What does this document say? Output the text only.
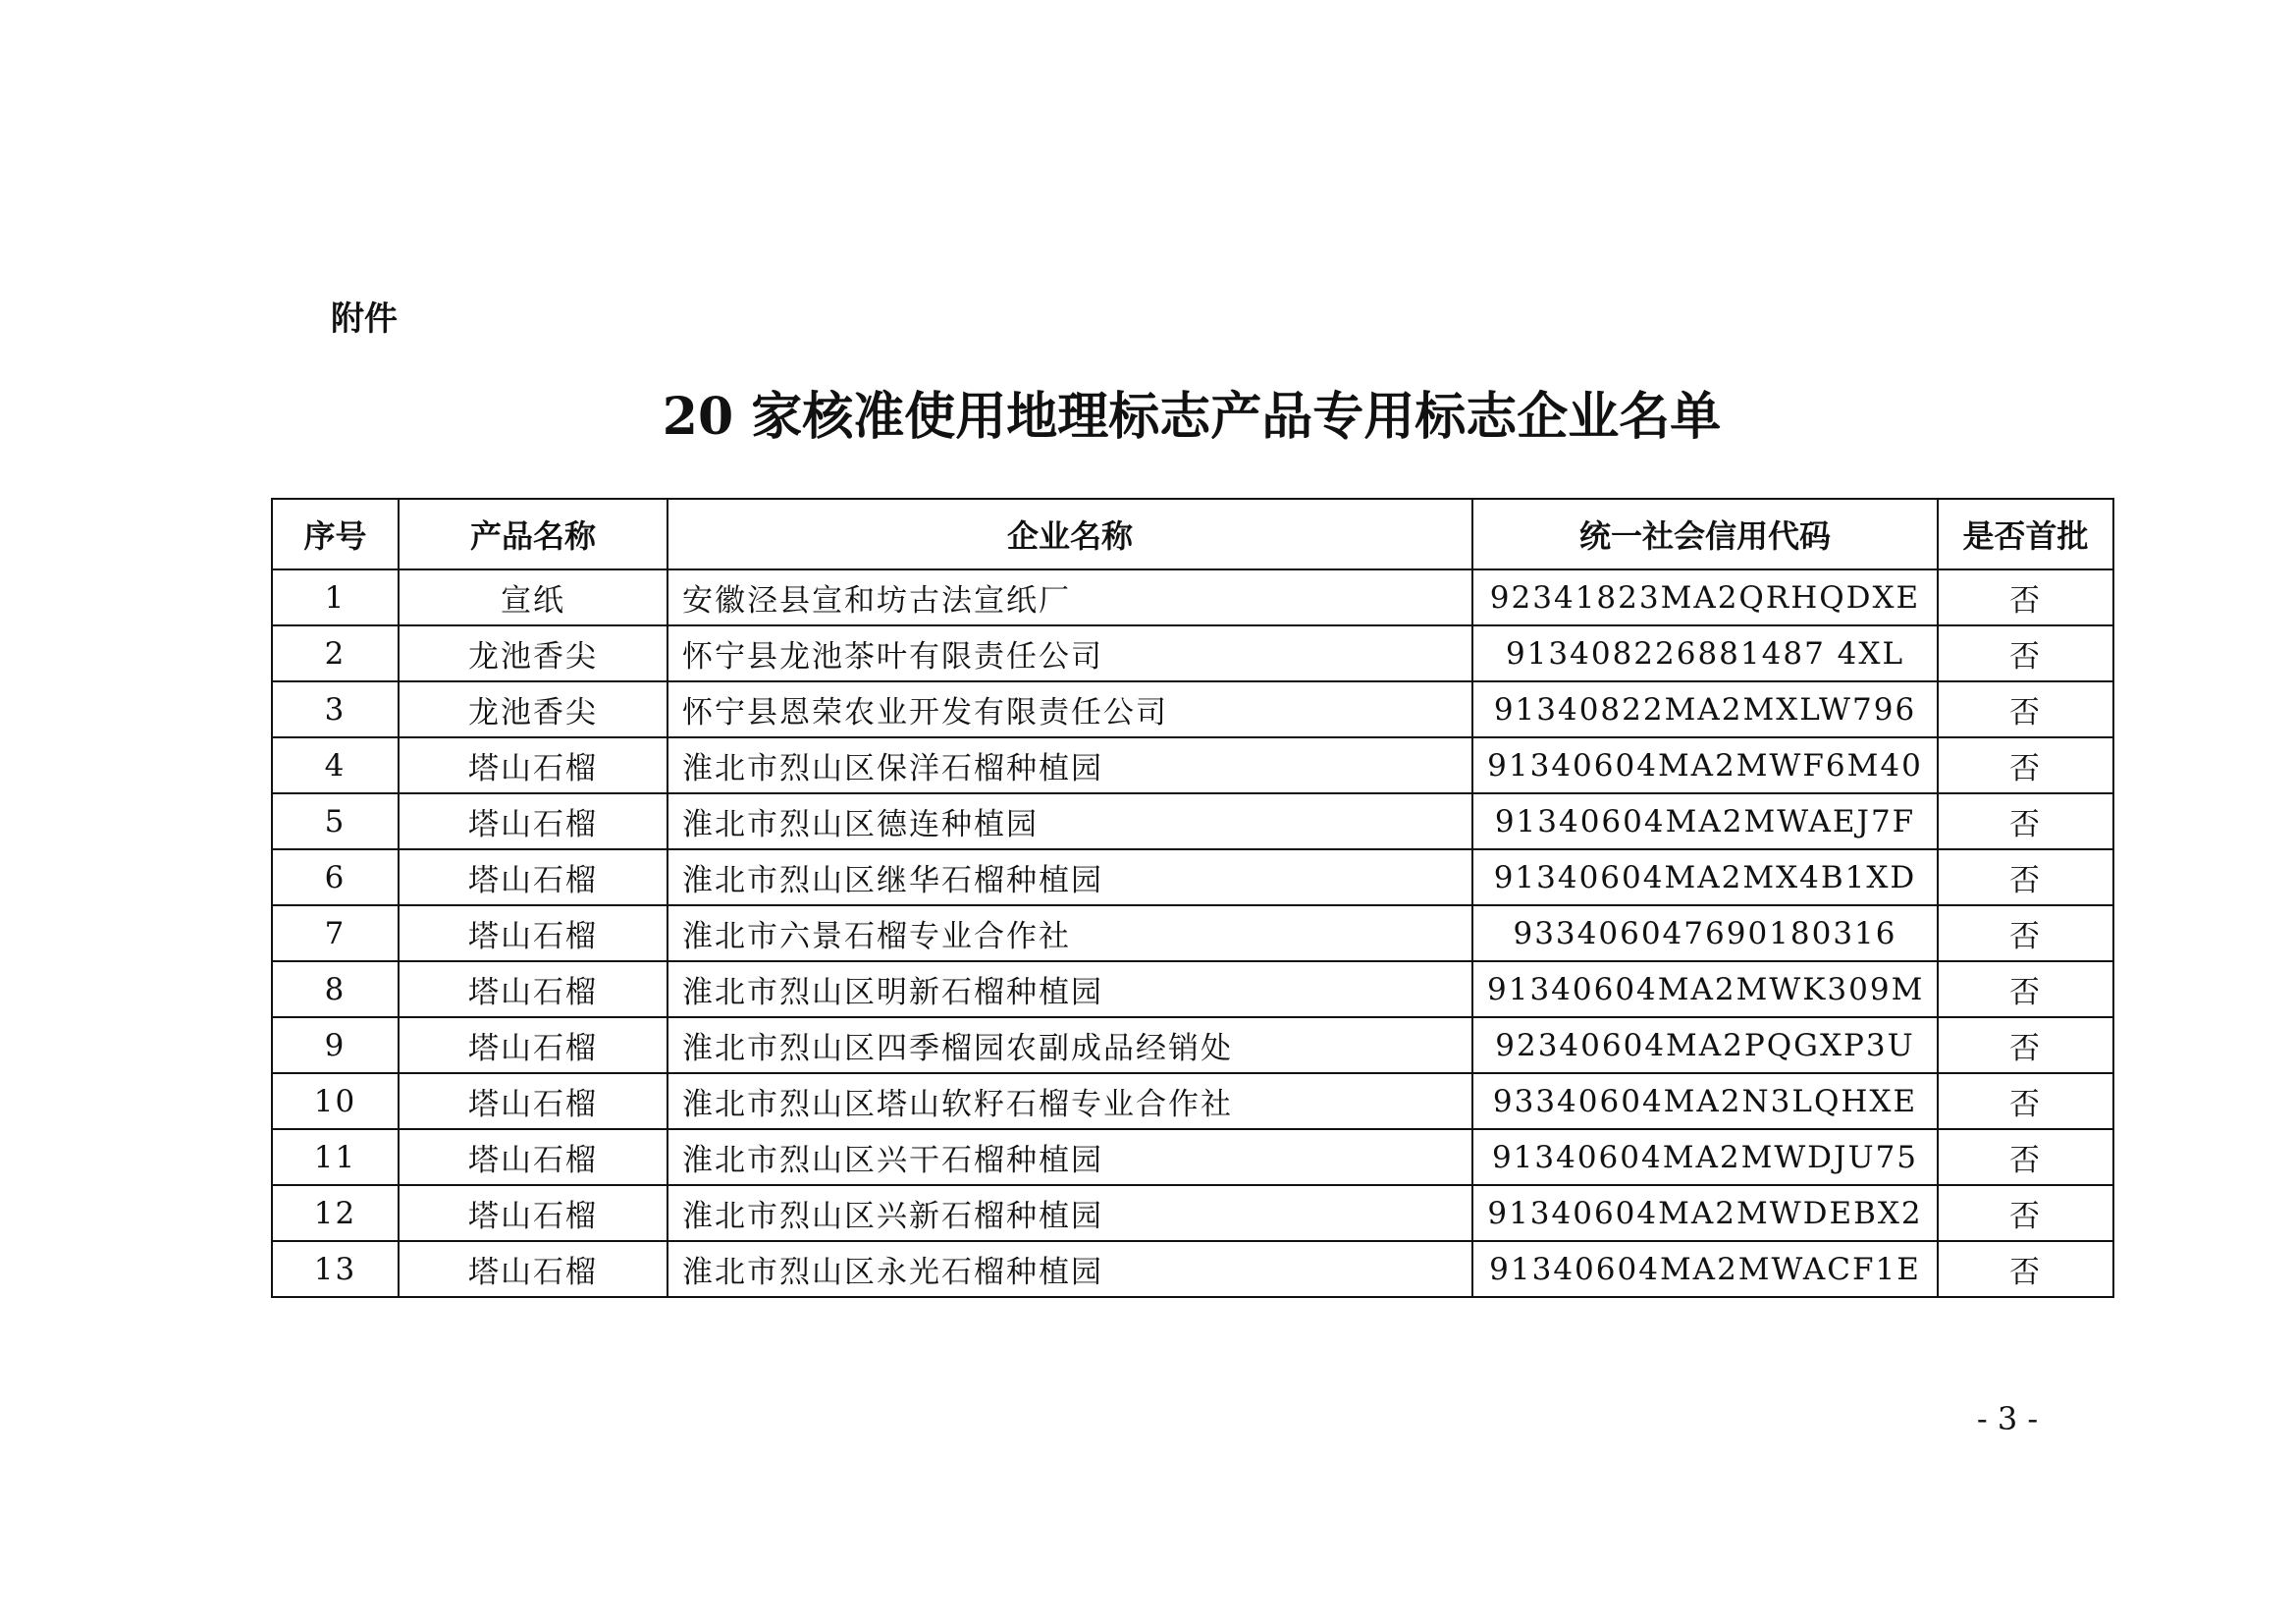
附件
20 家核准使用地理标志产品专用标志企业名单
序号	产品名称	企业名称	统一社会信用代码	是否首批
1	宣纸	安徽泾县宣和坊古法宣纸厂	92341823MA2QRHQDXE	否
2	龙池香尖	怀宁县龙池茶叶有限责任公司	913408226881487 4XL	否
3	龙池香尖	怀宁县恩荣农业开发有限责任公司	91340822MA2MXLW796	否
4	塔山石榴	淮北市烈山区保洋石榴种植园	91340604MA2MWF6M40	否
5	塔山石榴	淮北市烈山区德连种植园	91340604MA2MWAEJ7F	否
6	塔山石榴	淮北市烈山区继华石榴种植园	91340604MA2MX4B1XD	否
7	塔山石榴	淮北市六景石榴专业合作社	933406047690180316	否
8	塔山石榴	淮北市烈山区明新石榴种植园	91340604MA2MWK309M	否
9	塔山石榴	淮北市烈山区四季榴园农副成品经销处	92340604MA2PQGXP3U	否
10	塔山石榴	淮北市烈山区塔山软籽石榴专业合作社	93340604MA2N3LQHXE	否
11	塔山石榴	淮北市烈山区兴干石榴种植园	91340604MA2MWDJU75	否
12	塔山石榴	淮北市烈山区兴新石榴种植园	91340604MA2MWDEBX2	否
13	塔山石榴	淮北市烈山区永光石榴种植园	91340604MA2MWACF1E	否
- 3 -
